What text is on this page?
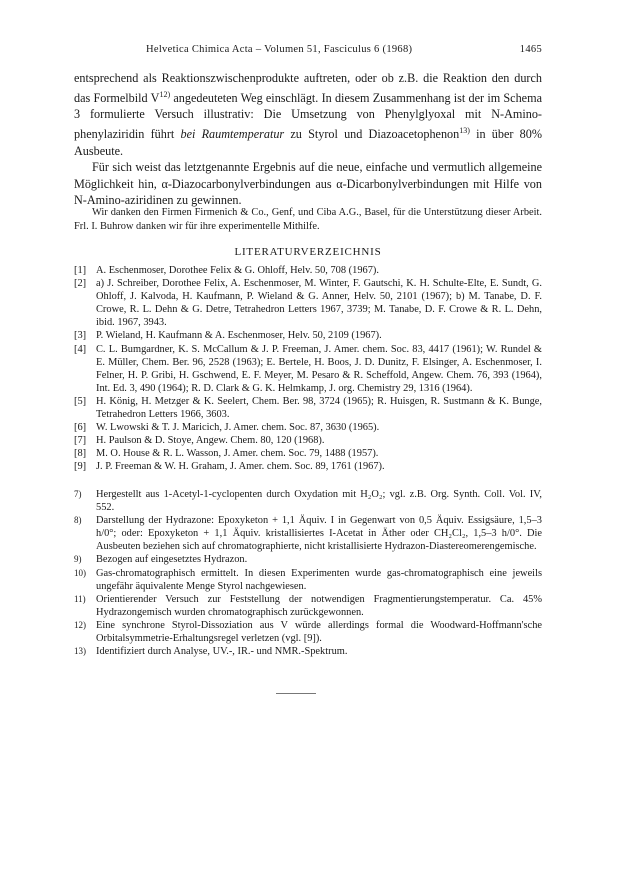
Helvetica Chimica Acta – Volumen 51, Fasciculus 6 (1968)	1465

entsprechend als Reaktionszwischenprodukte auftreten, oder ob z.B. die Reaktion den durch das Formelbild $V^{12)}$ angedeuteten Weg einschlägt. In diesem Zusammenhang ist der im Schema 3 formulierte Versuch illustrativ: Die Umsetzung von Phenylglyoxal mit N-Amino-phenylaziridin führt bei Raumtemperatur zu Styrol und Diazoacetophenon$^{13)}$ in über 80% Ausbeute.

Für sich weist das letztgenannte Ergebnis auf die neue, einfache und vermutlich allgemeine Möglichkeit hin, α-Diazocarbonylverbindungen aus α-Dicarbonylverbindungen mit Hilfe von N-Amino-aziridinen zu gewinnen.

Wir danken den Firmen Firmenich & Co., Genf, und Ciba A.G., Basel, für die Unterstützung dieser Arbeit. Frl. I. Buhrow danken wir für ihre experimentelle Mithilfe.
LITERATURVERZEICHNIS
[1] A. Eschenmoser, Dorothee Felix & G. Ohloff, Helv. 50, 708 (1967).
[2] a) J. Schreiber, Dorothee Felix, A. Eschenmoser, M. Winter, F. Gautschi, K. H. Schulte-Elte, E. Sundt, G. Ohloff, J. Kalvoda, H. Kaufmann, P. Wieland & G. Anner, Helv. 50, 2101 (1967); b) M. Tanabe, D. F. Crowe, R. L. Dehn & G. Detre, Tetrahedron Letters 1967, 3739; M. Tanabe, D. F. Crowe & R. L. Dehn, ibid. 1967, 3943.
[3] P. Wieland, H. Kaufmann & A. Eschenmoser, Helv. 50, 2109 (1967).
[4] C. L. Bumgardner, K. S. McCallum & J. P. Freeman, J. Amer. chem. Soc. 83, 4417 (1961); W. Rundel & E. Müller, Chem. Ber. 96, 2528 (1963); E. Bertele, H. Boos, J. D. Dunitz, F. Elsinger, A. Eschenmoser, I. Felner, H. P. Gribi, H. Gschwend, E. F. Meyer, M. Pesaro & R. Scheffold, Angew. Chem. 76, 393 (1964), Int. Ed. 3, 490 (1964); R. D. Clark & G. K. Helmkamp, J. org. Chemistry 29, 1316 (1964).
[5] H. König, H. Metzger & K. Seelert, Chem. Ber. 98, 3724 (1965); R. Huisgen, R. Sustmann & K. Bunge, Tetrahedron Letters 1966, 3603.
[6] W. Lwowski & T. J. Maricich, J. Amer. chem. Soc. 87, 3630 (1965).
[7] H. Paulson & D. Stoye, Angew. Chem. 80, 120 (1968).
[8] M. O. House & R. L. Wasson, J. Amer. chem. Soc. 79, 1488 (1957).
[9] J. P. Freeman & W. H. Graham, J. Amer. chem. Soc. 89, 1761 (1967).
7) Hergestellt aus 1-Acetyl-1-cyclopenten durch Oxydation mit H₂O₂; vgl. z.B. Org. Synth. Coll. Vol. IV, 552.
8) Darstellung der Hydrazone: Epoxyketon + 1,1 Äquiv. I in Gegenwart von 0,5 Äquiv. Essigsäure, 1,5–3 h/0°; oder: Epoxyketon + 1,1 Äquiv. kristallisiertes I-Acetat in Äther oder CH₂Cl₂, 1,5–3 h/0°. Die Ausbeuten beziehen sich auf chromatographierte, nicht kristallisierte Hydrazon-Diastereomerengemische.
9) Bezogen auf eingesetztes Hydrazon.
10) Gas-chromatographisch ermittelt. In diesen Experimenten wurde gas-chromatographisch eine jeweils ungefähr äquivalente Menge Styrol nachgewiesen.
11) Orientierender Versuch zur Feststellung der notwendigen Fragmentierungstemperatur. Ca. 45% Hydrazongemisch wurden chromatographisch zurückgewonnen.
12) Eine synchrone Styrol-Dissoziation aus V würde allerdings formal die Woodward-Hoffmann'sche Orbitalsymmetrie-Erhaltungsregel verletzen (vgl. [9]).
13) Identifiziert durch Analyse, UV.-, IR.- und NMR.-Spektrum.
